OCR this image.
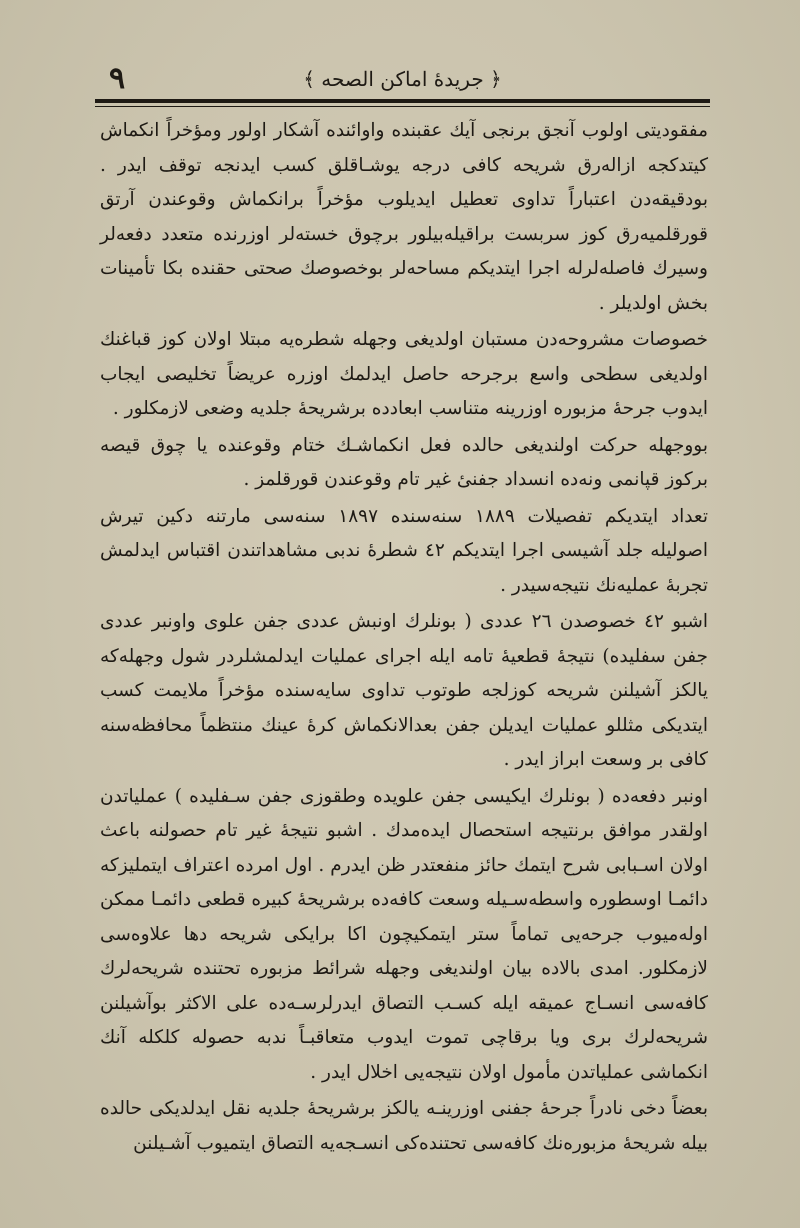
٩	﴿ جريدهٔ اماكن الصحه ﴾

مفقودیتی اولوب آنجق برنجی آیك عقبنده واوائنده آشکار اولور ومؤخراً انکماش کیتدکجه ازالەرق شریحه کافی درجه یوشـاقلق کسب ایدنجه توقف ایدر . بودقیقەدن اعتباراً تداوی تعطیل ایدیلوب مؤخراً برانکماش وقوعندن آرتق قورقلمیەرق کوز سربست براقیلەبیلور برچوق خستەلر اوزرنده متعدد دفعەلر وسیرك فاصلەلرله اجرا ایتدیکم مساحەلر بوخصوصك صحتی حقنده بکا تأمینات بخش اولدیلر .

خصوصات مشروحەدن مستبان اولدیغی وجهله شطرەیه مبتلا اولان کوز قباغنك اولدیغی سطحی واسع برجرحه حاصل ایدلمك اوزره عریضاً تخلیصی ایجاب ایدوب جرحهٔ مزبوره اوزرینه متناسب ابعادده برشریحهٔ جلدیه وضعی لازمکلور .

بووجهله حرکت اولندیغی حالده فعل انکماشـك ختام وقوعنده یا چوق قیصه برکوز قپانمی ونەده انسداد جفنیٔ غیر تام وقوعندن قورقلمز .

تعداد ایتدیکم تفصیلات ١٨٨٩ سنەسنده ١٨٩٧ سنەسی مارتنه دکین تیرش اصولیله جلد آشیسی اجرا ایتدیکم ٤٢ شطرهٔ ندبی مشاهداتندن اقتباس ایدلمش تجربهٔ عملیەنك نتیجەسیدر .

اشبو ٤٢ خصوصدن ٢٦ عددی ( بونلرك اونبش عددی جفن علوی واونبر عددی جفن سفلیده) نتیجهٔ قطعیهٔ تامه ایله اجرای عملیات ایدلمشلردر شول وجهلەکه یالکز آشیلنن شریحه کوزلجه طوتوب تداوی سایەسنده مؤخراً ملایمت کسب ایتدیکی مثللو عملیات ایدیلن جفن بعدالانکماش کرهٔ عینك منتظماً محافظەسنه کافی بر وسعت ابراز ایدر .

اونبر دفعەده ( بونلرك ایکیسی جفن علویده وطقوزی جفن سـفلیده ) عملیاتدن اولقدر موافق برنتیجه استحصال ایدەمدك . اشبو نتیجهٔ غیر تام حصولنه باعث اولان اسـبابی شرح ایتمك حائز منفعتدر ظن ایدرم . اول امرده اعتراف ایتملیزکه دائمـا اوسطوره واسطەسـیله وسعت کافەده برشریحهٔ کبیره قطعی دائمـا ممکن اولەمیوب جرحەیی تماماً ستر ایتمکیچون اکا برایکی شریحه دها علاوەسی لازمکلور. امدی بالاده بیان اولندیغی وجهله شرائط مزبوره تحتنده شریحەلرك کافەسی انسـاج عمیقه ایله کسـب التصاق ایدرلرسـەده علی الاکثر بوآشیلنن شریحەلرك بری ویا برقاچی تموت ایدوب متعاقبـاً ندبه حصوله کلکله آنك انکماشی عملیاتدن مأمول اولان نتیجەیی اخلال ایدر .

بعضاً دخی نادراً جرحهٔ جفنی اوزرینـه یالکز برشریحهٔ جلدیه نقل ایدلدیکی حالده بیله شریحهٔ مزبورەنك کافەسی تحتندەکی انسـجەیه التصاق ایتمیوب آشـیلنن
